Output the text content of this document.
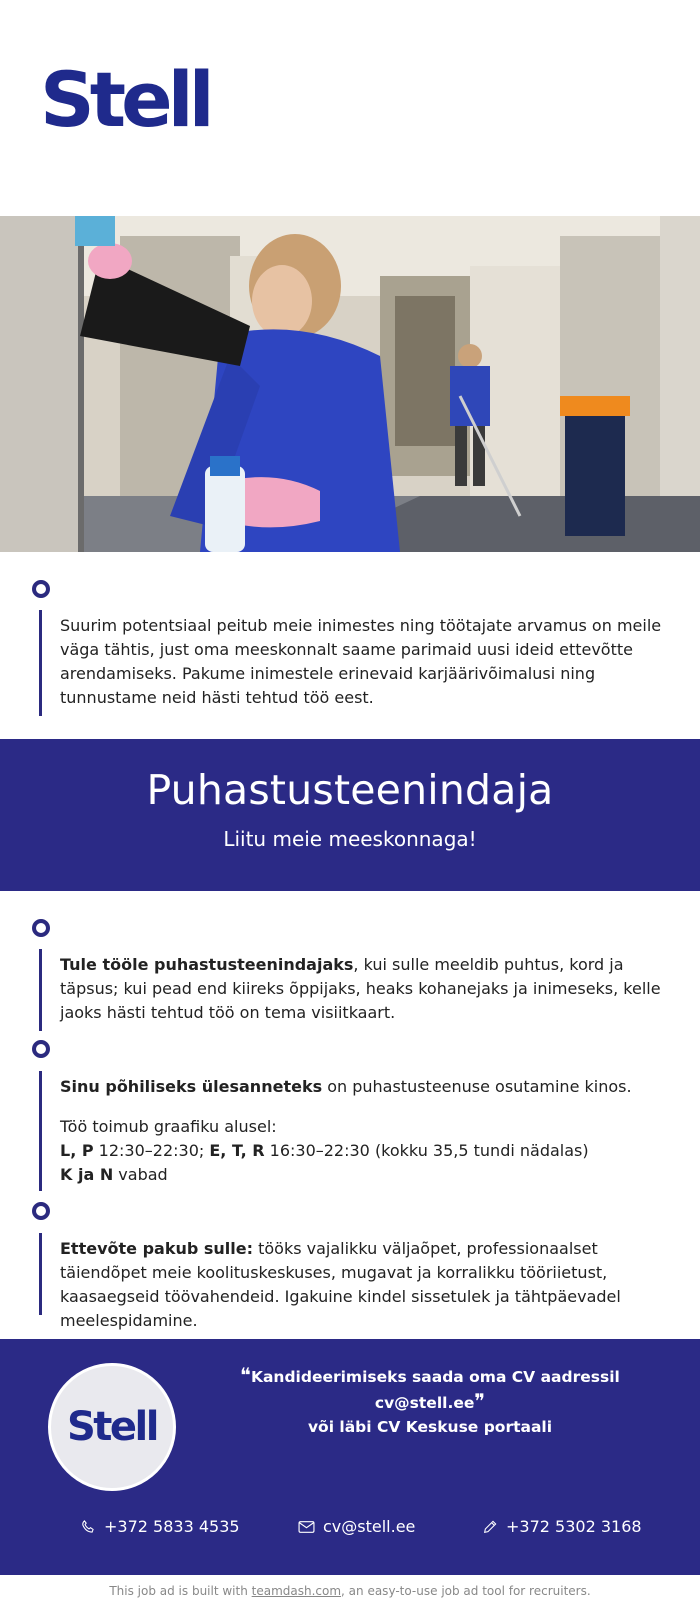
Stell

Suurim potentsiaal peitub meie inimestes ning töötajate arvamus on meile väga tähtis, just oma meeskonnalt saame parimaid uusi ideid ettevõtte arendamiseks. Pakume inimestele erinevaid karjäärivõimalusi ning tunnustame neid hästi tehtud töö eest.

Puhastusteenindaja
Liitu meie meeskonnaga!

Tule tööle puhastusteenindajaks, kui sulle meeldib puhtus, kord ja täpsus; kui pead end kiireks õppijaks, heaks kohanejaks ja inimeseks, kelle jaoks hästi tehtud töö on tema visiitkaart.

Sinu põhiliseks ülesanneteks on puhastusteenuse osutamine kinos.

Töö toimub graafiku alusel:

L, P 12:30–22:30; E, T, R 16:30–22:30 (kokku 35,5 tundi nädalas)

K ja N vabad

Ettevõte pakub sulle: tööks vajalikku väljaõpet, professionaalset täiendõpet meie koolituskeskuses, mugavat ja korralikku tööriietust, kaasaegseid töövahendeid. Igakuine kindel sissetulek ja tähtpäevadel meelespidamine.

Stell
❝Kandideerimiseks saada oma CV aadressil cv@stell.ee❞
või läbi CV Keskuse portaali
+372 5833 4535	cv@stell.ee	+372 5302 3168
This job ad is built with teamdash.com, an easy-to-use job ad tool for recruiters.
